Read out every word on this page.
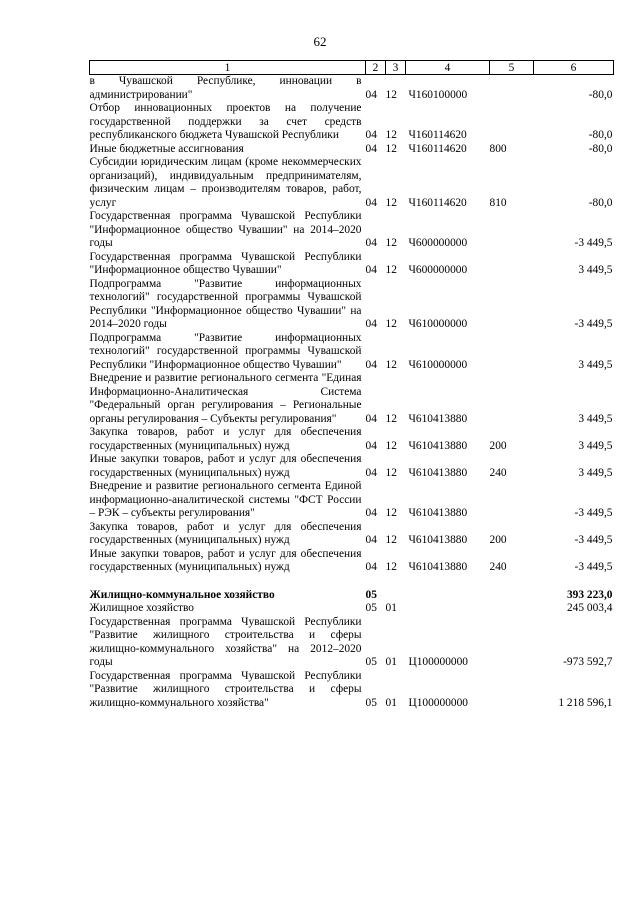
62
1	2	3	4	5	6
в Чувашской Республике, инновации в администрировании"	04	12	Ч160100000		-80,0
Отбор инновационных проектов на получение государственной поддержки за счет средств республиканского бюджета Чувашской Республики	04	12	Ч160114620		-80,0
Иные бюджетные ассигнования	04	12	Ч160114620	800	-80,0
Субсидии юридическим лицам (кроме некоммерческих организаций), индивидуальным предпринимателям, физическим лицам – производителям товаров, работ, услуг	04	12	Ч160114620	810	-80,0
Государственная программа Чувашской Республики "Информационное общество Чувашии" на 2014–2020 годы	04	12	Ч600000000		-3 449,5
Государственная программа Чувашской Республики "Информационное общество Чувашии"	04	12	Ч600000000		3 449,5
Подпрограмма "Развитие информационных технологий" государственной программы Чувашской Республики "Информационное общество Чувашии" на 2014–2020 годы	04	12	Ч610000000		-3 449,5
Подпрограмма "Развитие информационных технологий" государственной программы Чувашской Республики "Информационное общество Чувашии"	04	12	Ч610000000		3 449,5
Внедрение и развитие регионального сегмента "Единая Информационно-Аналитическая Система "Федеральный орган регулирования – Региональные органы регулирования – Субъекты регулирования"	04	12	Ч610413880		3 449,5
Закупка товаров, работ и услуг для обеспечения государственных (муниципальных) нужд	04	12	Ч610413880	200	3 449,5
Иные закупки товаров, работ и услуг для обеспечения государственных (муниципальных) нужд	04	12	Ч610413880	240	3 449,5
Внедрение и развитие регионального сегмента Единой информационно-аналитической системы "ФСТ России – РЭК – субъекты регулирования"	04	12	Ч610413880		-3 449,5
Закупка товаров, работ и услуг для обеспечения государственных (муниципальных) нужд	04	12	Ч610413880	200	-3 449,5
Иные закупки товаров, работ и услуг для обеспечения государственных (муниципальных) нужд	04	12	Ч610413880	240	-3 449,5

Жилищно-коммунальное хозяйство	05				393 223,0
Жилищное хозяйство	05	01			245 003,4
Государственная программа Чувашской Республики "Развитие жилищного строительства и сферы жилищно-коммунального хозяйства" на 2012–2020 годы	05	01	Ц100000000		-973 592,7
Государственная программа Чувашской Республики "Развитие жилищного строительства и сферы жилищно-коммунального хозяйства"	05	01	Ц100000000		1 218 596,1
